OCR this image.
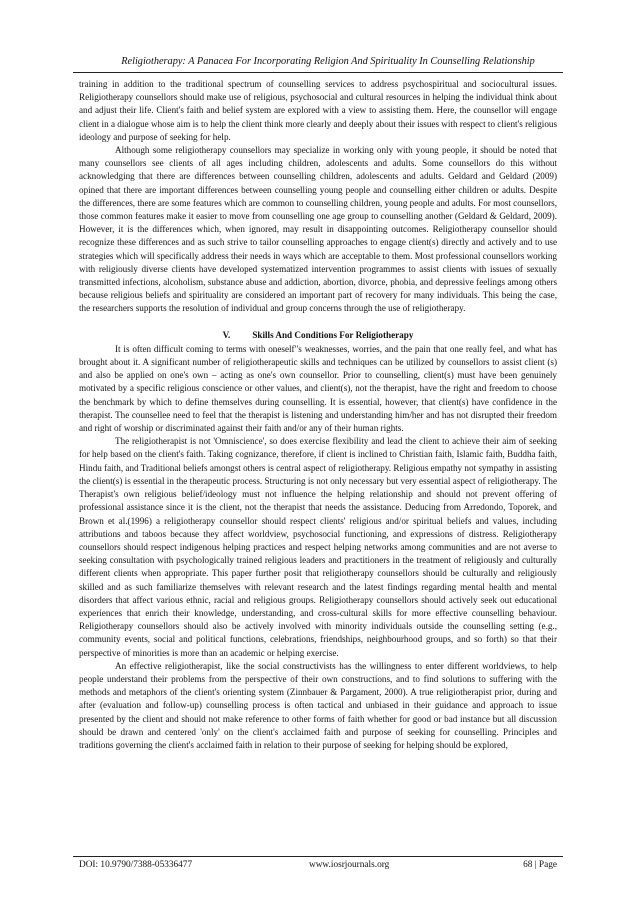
Religiotherapy: A Panacea For Incorporating Religion And Spirituality In Counselling Relationship

training in addition to the traditional spectrum of counselling services to address psychospiritual and sociocultural issues. Religiotherapy counsellors should make use of religious, psychosocial and cultural resources in helping the individual think about and adjust their life. Client's faith and belief system are explored with a view to assisting them. Here, the counsellor will engage client in a dialogue whose aim is to help the client think more clearly and deeply about their issues with respect to client's religious ideology and purpose of seeking for help.

Although some religiotherapy counsellors may specialize in working only with young people, it should be noted that many counsellors see clients of all ages including children, adolescents and adults. Some counsellors do this without acknowledging that there are differences between counselling children, adolescents and adults. Geldard and Geldard (2009) opined that there are important differences between counselling young people and counselling either children or adults. Despite the differences, there are some features which are common to counselling children, young people and adults. For most counsellors, those common features make it easier to move from counselling one age group to counselling another (Geldard & Geldard, 2009). However, it is the differences which, when ignored, may result in disappointing outcomes. Religiotherapy counsellor should recognize these differences and as such strive to tailor counselling approaches to engage client(s) directly and actively and to use strategies which will specifically address their needs in ways which are acceptable to them. Most professional counsellors working with religiously diverse clients have developed systematized intervention programmes to assist clients with issues of sexually transmitted infections, alcoholism, substance abuse and addiction, abortion, divorce, phobia, and depressive feelings among others because religious beliefs and spirituality are considered an important part of recovery for many individuals. This being the case, the researchers supports the resolution of individual and group concerns through the use of religiotherapy.

V. Skills And Conditions For Religiotherapy

It is often difficult coming to terms with oneself"s weaknesses, worries, and the pain that one really feel, and what has brought about it. A significant number of religiotherapeutic skills and techniques can be utilized by counsellors to assist client (s) and also be applied on one's own – acting as one's own counsellor. Prior to counselling, client(s) must have been genuinely motivated by a specific religious conscience or other values, and client(s), not the therapist, have the right and freedom to choose the benchmark by which to define themselves during counselling. It is essential, however, that client(s) have confidence in the therapist. The counsellee need to feel that the therapist is listening and understanding him/her and has not disrupted their freedom and right of worship or discriminated against their faith and/or any of their human rights.

The religiotherapist is not 'Omniscience', so does exercise flexibility and lead the client to achieve their aim of seeking for help based on the client's faith. Taking cognizance, therefore, if client is inclined to Christian faith, Islamic faith, Buddha faith, Hindu faith, and Traditional beliefs amongst others is central aspect of religiotherapy. Religious empathy not sympathy in assisting the client(s) is essential in the therapeutic process. Structuring is not only necessary but very essential aspect of religiotherapy. The Therapist's own religious belief/ideology must not influence the helping relationship and should not prevent offering of professional assistance since it is the client, not the therapist that needs the assistance. Deducing from Arredondo, Toporek, and Brown et al.(1996) a religiotherapy counsellor should respect clients' religious and/or spiritual beliefs and values, including attributions and taboos because they affect worldview, psychosocial functioning, and expressions of distress. Religiotherapy counsellors should respect indigenous helping practices and respect helping networks among communities and are not averse to seeking consultation with psychologically trained religious leaders and practitioners in the treatment of religiously and culturally different clients when appropriate. This paper further posit that religiotherapy counsellors should be culturally and religiously skilled and as such familiarize themselves with relevant research and the latest findings regarding mental health and mental disorders that affect various ethnic, racial and religious groups. Religiotherapy counsellors should actively seek out educational experiences that enrich their knowledge, understanding, and cross-cultural skills for more effective counselling behaviour. Religiotherapy counsellors should also be actively involved with minority individuals outside the counselling setting (e.g., community events, social and political functions, celebrations, friendships, neighbourhood groups, and so forth) so that their perspective of minorities is more than an academic or helping exercise.

An effective religiotherapist, like the social constructivists has the willingness to enter different worldviews, to help people understand their problems from the perspective of their own constructions, and to find solutions to suffering with the methods and metaphors of the client's orienting system (Zinnbauer & Pargament, 2000). A true religiotherapist prior, during and after (evaluation and follow-up) counselling process is often tactical and unbiased in their guidance and approach to issue presented by the client and should not make reference to other forms of faith whether for good or bad instance but all discussion should be drawn and centered 'only' on the client's acclaimed faith and purpose of seeking for counselling. Principles and traditions governing the client's acclaimed faith in relation to their purpose of seeking for helping should be explored,

DOI: 10.9790/7388-05336477	www.iosrjournals.org	68 | Page
